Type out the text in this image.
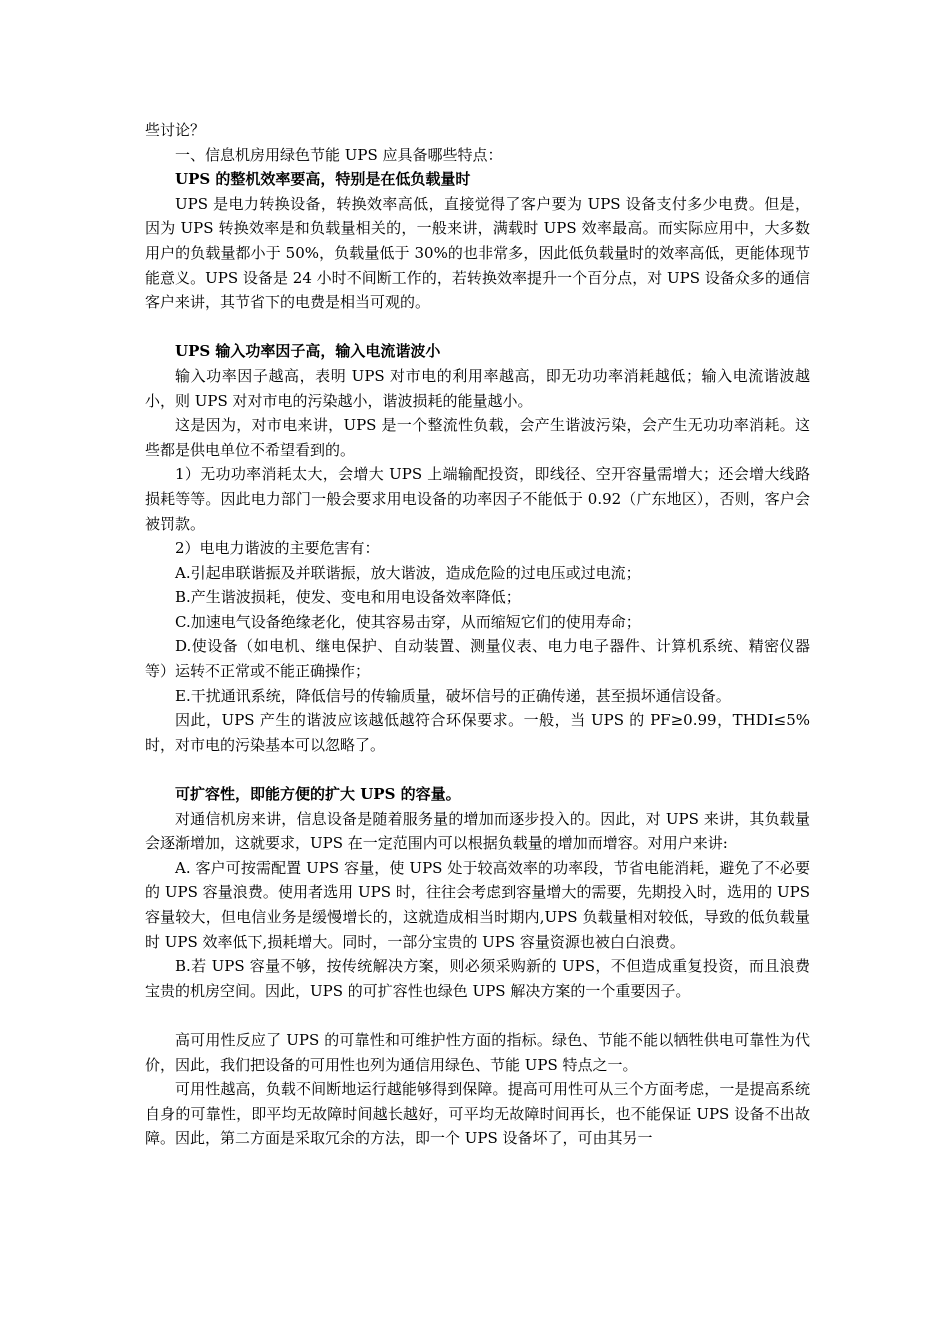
些讨论？

一、信息机房用绿色节能 UPS 应具备哪些特点：

UPS 的整机效率要高，特别是在低负载量时

UPS 是电力转换设备，转换效率高低，直接觉得了客户要为 UPS 设备支付多少电费。但是，因为 UPS 转换效率是和负载量相关的，一般来讲，满载时 UPS 效率最高。而实际应用中，大多数用户的负载量都小于 50%，负载量低于 30%的也非常多，因此低负载量时的效率高低，更能体现节能意义。UPS 设备是 24 小时不间断工作的，若转换效率提升一个百分点，对 UPS 设备众多的通信客户来讲，其节省下的电费是相当可观的。

UPS 输入功率因子高，输入电流谐波小

输入功率因子越高，表明 UPS 对市电的利用率越高，即无功功率消耗越低；输入电流谐波越小，则 UPS 对对市电的污染越小，谐波损耗的能量越小。

这是因为，对市电来讲，UPS 是一个整流性负载，会产生谐波污染，会产生无功功率消耗。这些都是供电单位不希望看到的。

1）无功功率消耗太大，会增大 UPS 上端输配投资，即线径、空开容量需增大；还会增大线路损耗等等。因此电力部门一般会要求用电设备的功率因子不能低于 0.92（广东地区），否则，客户会被罚款。

2）电电力谐波的主要危害有：

A.引起串联谐振及并联谐振，放大谐波，造成危险的过电压或过电流；

B.产生谐波损耗，使发、变电和用电设备效率降低；

C.加速电气设备绝缘老化，使其容易击穿，从而缩短它们的使用寿命；

D.使设备（如电机、继电保护、自动装置、测量仪表、电力电子器件、计算机系统、精密仪器等）运转不正常或不能正确操作；

E.干扰通讯系统，降低信号的传输质量，破坏信号的正确传递，甚至损坏通信设备。

因此，UPS 产生的谐波应该越低越符合环保要求。一般，当 UPS 的 PF≥0.99，THDI≤5%时，对市电的污染基本可以忽略了。

可扩容性，即能方便的扩大 UPS 的容量。

对通信机房来讲，信息设备是随着服务量的增加而逐步投入的。因此，对 UPS 来讲，其负载量会逐渐增加，这就要求，UPS 在一定范围内可以根据负载量的增加而增容。对用户来讲:

A. 客户可按需配置 UPS 容量，使 UPS 处于较高效率的功率段，节省电能消耗，避免了不必要的 UPS 容量浪费。使用者选用 UPS 时，往往会考虑到容量增大的需要，先期投入时，选用的 UPS 容量较大，但电信业务是缓慢增长的，这就造成相当时期内,UPS 负载量相对较低，导致的低负载量时 UPS 效率低下,损耗增大。同时，一部分宝贵的 UPS 容量资源也被白白浪费。

B.若 UPS 容量不够，按传统解决方案，则必须采购新的 UPS，不但造成重复投资，而且浪费宝贵的机房空间。因此，UPS 的可扩容性也绿色 UPS 解决方案的一个重要因子。

高可用性反应了 UPS 的可靠性和可维护性方面的指标。绿色、节能不能以牺牲供电可靠性为代价，因此，我们把设备的可用性也列为通信用绿色、节能 UPS 特点之一。

可用性越高，负载不间断地运行越能够得到保障。提高可用性可从三个方面考虑，一是提高系统自身的可靠性，即平均无故障时间越长越好，可平均无故障时间再长，也不能保证 UPS 设备不出故障。因此，第二方面是采取冗余的方法，即一个 UPS 设备坏了，可由其另一
